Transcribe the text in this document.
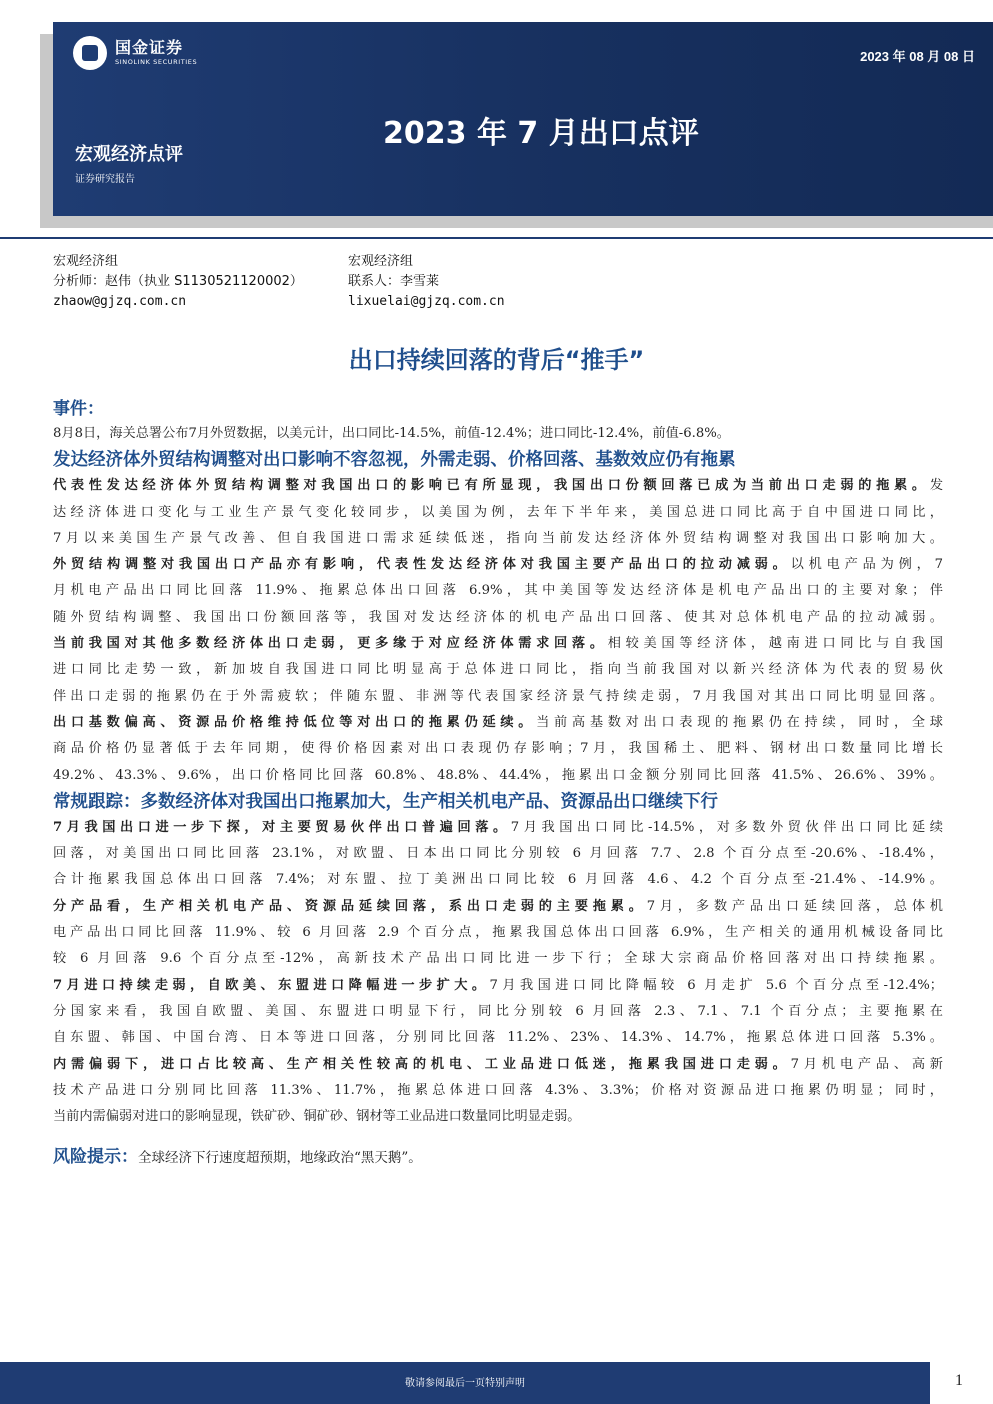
国金证券
SINOLINK SECURITIES	2023 年 08 月 08 日
2023 年 7 月出口点评
宏观经济点评
证券研究报告
宏观经济组
分析师：赵伟（执业 S1130521120002）
zhaow@gjzq.com.cn
宏观经济组
联系人：李雪莱
lixuelai@gjzq.com.cn
出口持续回落的背后“推手”
事件：
8月8日，海关总署公布7月外贸数据，以美元计，出口同比-14.5%，前值-12.4%；进口同比-12.4%，前值-6.8%。
发达经济体外贸结构调整对出口影响不容忽视，外需走弱、价格回落、基数效应仍有拖累
代表性发达经济体外贸结构调整对我国出口的影响已有所显现，我国出口份额回落已成为当前出口走弱的拖累。发
达经济体进口变化与工业生产景气变化较同步，以美国为例，去年下半年来，美国总进口同比高于自中国进口同比，
7月以来美国生产景气改善、但自我国进口需求延续低迷，指向当前发达经济体外贸结构调整对我国出口影响加大。
外贸结构调整对我国出口产品亦有影响，代表性发达经济体对我国主要产品出口的拉动减弱。以机电产品为例，7
月机电产品出口同比回落 11.9%、拖累总体出口回落 6.9%，其中美国等发达经济体是机电产品出口的主要对象；伴
随外贸结构调整、我国出口份额回落等，我国对发达经济体的机电产品出口回落、使其对总体机电产品的拉动减弱。
当前我国对其他多数经济体出口走弱，更多缘于对应经济体需求回落。相较美国等经济体，越南进口同比与自我国
进口同比走势一致，新加坡自我国进口同比明显高于总体进口同比，指向当前我国对以新兴经济体为代表的贸易伙
伴出口走弱的拖累仍在于外需疲软；伴随东盟、非洲等代表国家经济景气持续走弱，7月我国对其出口同比明显回落。
出口基数偏高、资源品价格维持低位等对出口的拖累仍延续。当前高基数对出口表现的拖累仍在持续，同时，全球
商品价格仍显著低于去年同期，使得价格因素对出口表现仍存影响；7月，我国稀土、肥料、钢材出口数量同比增长
49.2%、43.3%、9.6%，出口价格同比回落 60.8%、48.8%、44.4%，拖累出口金额分别同比回落 41.5%、26.6%、39%。
常规跟踪：多数经济体对我国出口拖累加大，生产相关机电产品、资源品出口继续下行
7月我国出口进一步下探，对主要贸易伙伴出口普遍回落。7月我国出口同比-14.5%，对多数外贸伙伴出口同比延续
回落，对美国出口同比回落 23.1%，对欧盟、日本出口同比分别较 6 月回落 7.7、2.8 个百分点至-20.6%、-18.4%，
合计拖累我国总体出口回落 7.4%；对东盟、拉丁美洲出口同比较 6 月回落 4.6、4.2 个百分点至-21.4%、-14.9%。
分产品看，生产相关机电产品、资源品延续回落，系出口走弱的主要拖累。7月，多数产品出口延续回落，总体机
电产品出口同比回落 11.9%、较 6 月回落 2.9 个百分点，拖累我国总体出口回落 6.9%，生产相关的通用机械设备同比
较 6 月回落 9.6 个百分点至-12%，高新技术产品出口同比进一步下行；全球大宗商品价格回落对出口持续拖累。
7月进口持续走弱，自欧美、东盟进口降幅进一步扩大。7月我国进口同比降幅较 6 月走扩 5.6 个百分点至-12.4%；
分国家来看，我国自欧盟、美国、东盟进口明显下行，同比分别较 6 月回落 2.3、7.1、7.1 个百分点；主要拖累在
自东盟、韩国、中国台湾、日本等进口回落，分别同比回落 11.2%、23%、14.3%、14.7%，拖累总体进口回落 5.3%。
内需偏弱下，进口占比较高、生产相关性较高的机电、工业品进口低迷，拖累我国进口走弱。7月机电产品、高新
技术产品进口分别同比回落 11.3%、11.7%，拖累总体进口回落 4.3%、3.3%；价格对资源品进口拖累仍明显；同时，
当前内需偏弱对进口的影响显现，铁矿砂、铜矿砂、钢材等工业品进口数量同比明显走弱。
风险提示：全球经济下行速度超预期，地缘政治“黑天鹅”。
敬请参阅最后一页特别声明	1
